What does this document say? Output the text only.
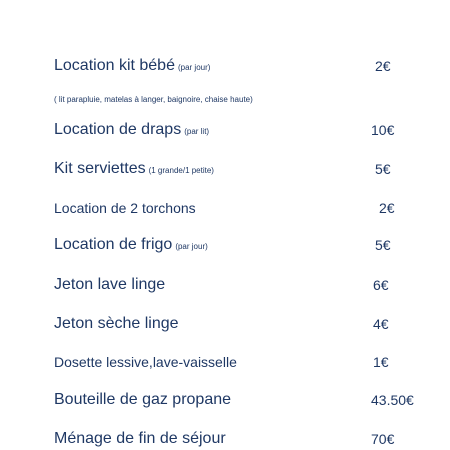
Location kit bébé (par jour)	2€
( lit parapluie, matelas à langer, baignoire, chaise haute)
Location de draps (par lit)	10€
Kit serviettes (1 grande/1 petite)	5€
Location de 2 torchons	2€
Location de frigo (par jour)	5€
Jeton lave linge	6€
Jeton sèche linge	4€
Dosette lessive,lave-vaisselle	1€
Bouteille de gaz propane	43.50€
Ménage de fin de séjour	70€
